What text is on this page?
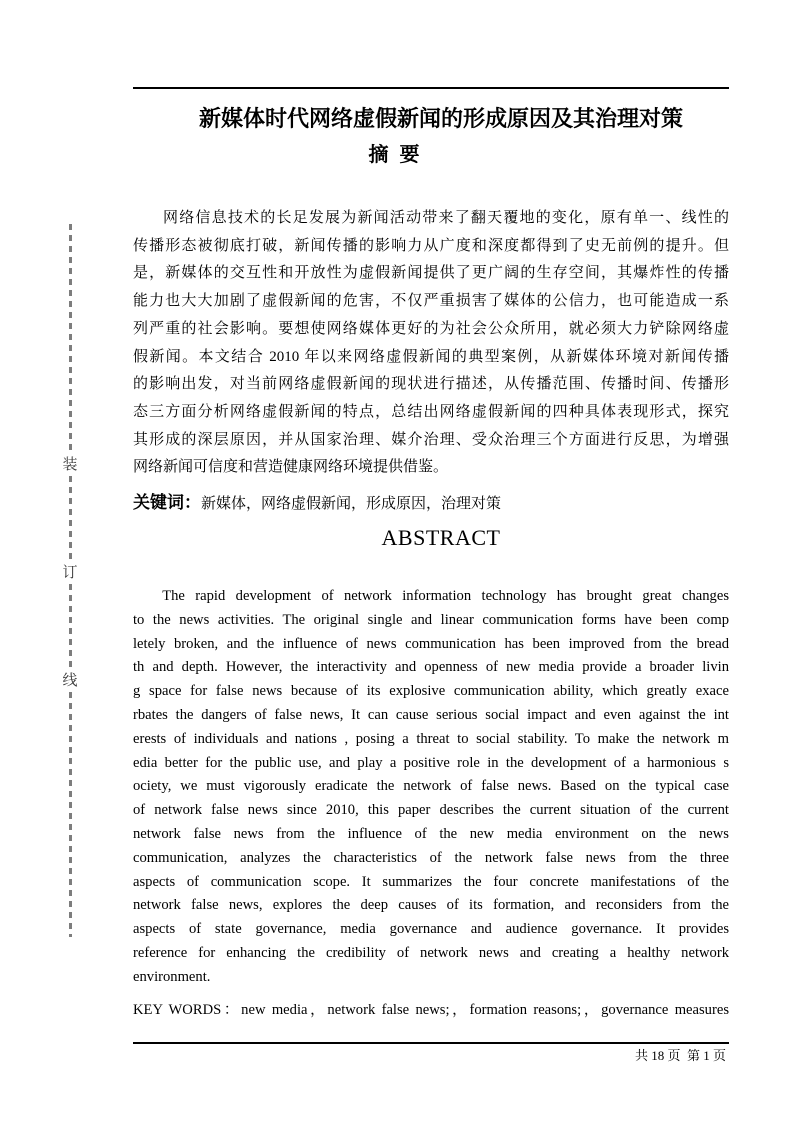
装
订
线
新媒体时代网络虚假新闻的形成原因及其治理对策
摘  要
网络信息技术的长足发展为新闻活动带来了翻天覆地的变化，原有单一、线性的
传播形态被彻底打破，新闻传播的影响力从广度和深度都得到了史无前例的提升。但
是，新媒体的交互性和开放性为虚假新闻提供了更广阔的生存空间，其爆炸性的传播
能力也大大加剧了虚假新闻的危害，不仅严重损害了媒体的公信力，也可能造成一系
列严重的社会影响。要想使网络媒体更好的为社会公众所用，就必须大力铲除网络虚
假新闻。本文结合 2010 年以来网络虚假新闻的典型案例，从新媒体环境对新闻传播
的影响出发，对当前网络虚假新闻的现状进行描述，从传播范围、传播时间、传播形
态三方面分析网络虚假新闻的特点，总结出网络虚假新闻的四种具体表现形式，探究
其形成的深层原因，并从国家治理、媒介治理、受众治理三个方面进行反思，为增强
网络新闻可信度和营造健康网络环境提供借鉴。
关键词：新媒体，网络虚假新闻，形成原因，治理对策
ABSTRACT
The rapid development of network information technology has brought great changes
to the news activities. The original single and linear communication forms have been comp
letely broken, and the influence of news communication has been improved from the bread
th and depth. However, the interactivity and openness of new media provide a broader livin
g space for false news because of its explosive communication ability, which greatly exace
rbates the dangers of false news, It can cause serious social impact and even against the int
erests of individuals and nations , posing a threat to social stability. To make the network m
edia better for the public use, and play a positive role in the development of a harmonious s
ociety, we must vigorously eradicate the network of false news. Based on the typical case
of network false news since 2010, this paper describes the current situation of the current
network false news from the influence of the new media environment on the news
communication, analyzes the characteristics of the network false news from the three
aspects of communication scope. It summarizes the four concrete manifestations of the
network false news, explores the deep causes of its formation, and reconsiders from the
aspects of state governance, media governance and audience governance. It provides
reference for enhancing the credibility of network news and creating a healthy network
environment.
KEY WORDS：new media，network false news;，formation reasons;，governance measures
共 18 页  第 1 页
